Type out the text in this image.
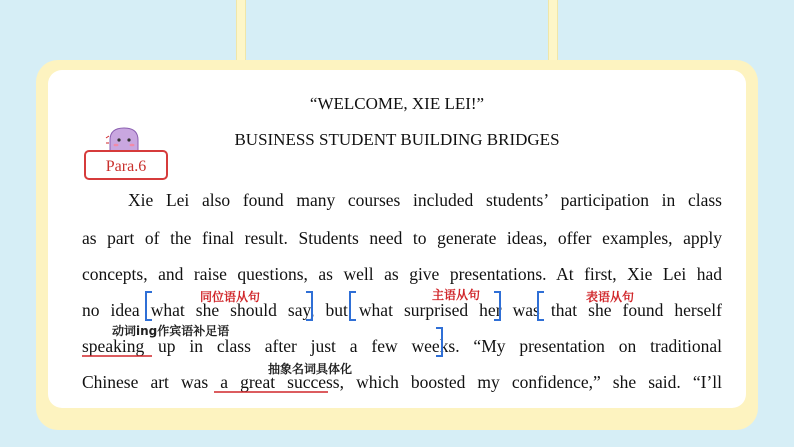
“WELCOME, XIE LEI!”
BUSINESS STUDENT BUILDING BRIDGES
Para.6
Xie Lei also found many courses included students’ participation in class
as part of the final result. Students need to generate ideas, offer examples, apply
concepts, and raise questions, as well as give presentations. At first, Xie Lei had
no idea what she should say, but what surprised her was that she found herself
speaking up in class after just a few weeks. “My presentation on traditional
Chinese art was a great success, which boosted my confidence,” she said. “I’ll
同位语从句	主语从句	表语从句
动词ing作宾语补足语
抽象名词具体化
